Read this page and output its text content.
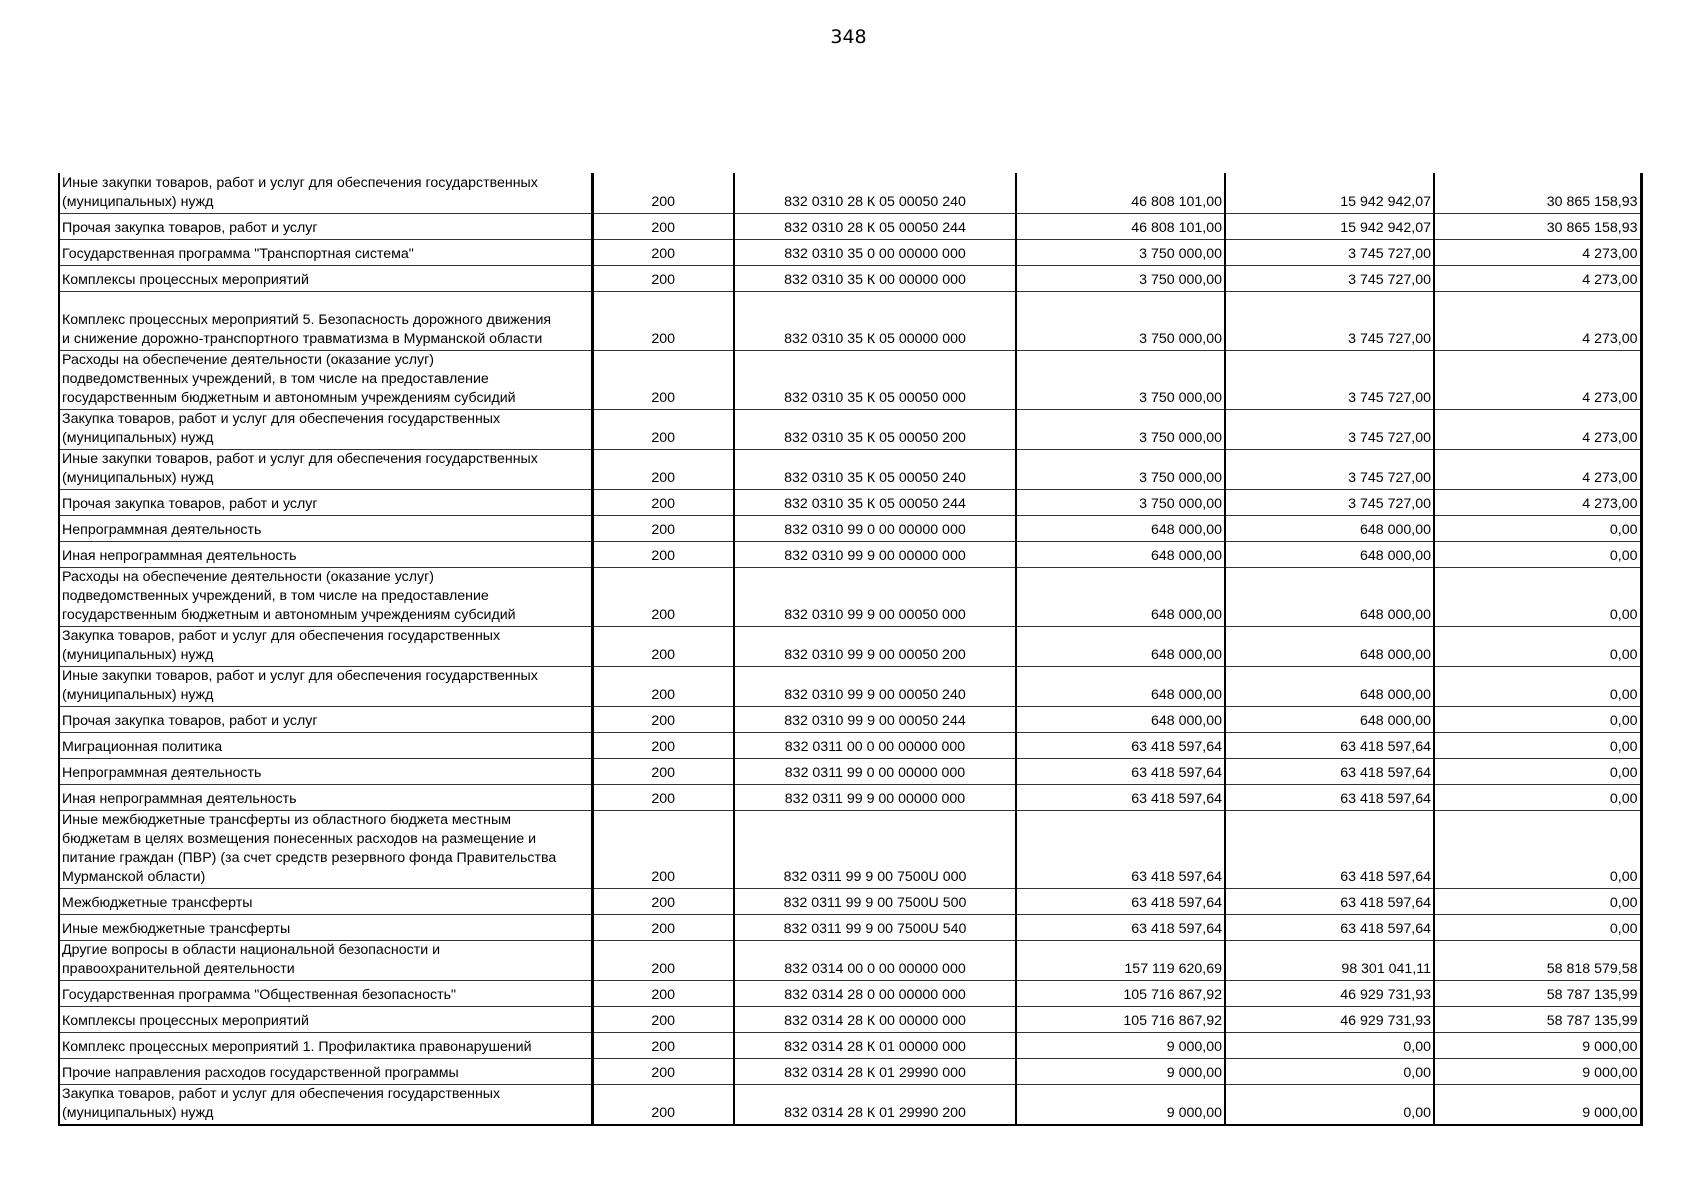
348
Иные закупки товаров, работ и услуг для обеспечения государственных
(муниципальных) нужд	200	832 0310 28 К 05 00050 240	46 808 101,00	15 942 942,07	30 865 158,93
Прочая закупка товаров, работ и услуг	200	832 0310 28 К 05 00050 244	46 808 101,00	15 942 942,07	30 865 158,93
Государственная программа "Транспортная система"	200	832 0310 35 0 00 00000 000	3 750 000,00	3 745 727,00	4 273,00
Комплексы процессных мероприятий	200	832 0310 35 К 00 00000 000	3 750 000,00	3 745 727,00	4 273,00

Комплекс процессных мероприятий 5. Безопасность дорожного движения
и снижение дорожно-транспортного травматизма в Мурманской области	200	832 0310 35 К 05 00000 000	3 750 000,00	3 745 727,00	4 273,00
Расходы на обеспечение деятельности (оказание услуг)
подведомственных учреждений, в том числе на предоставление
государственным бюджетным и автономным учреждениям субсидий	200	832 0310 35 К 05 00050 000	3 750 000,00	3 745 727,00	4 273,00
Закупка товаров, работ и услуг для обеспечения государственных
(муниципальных) нужд	200	832 0310 35 К 05 00050 200	3 750 000,00	3 745 727,00	4 273,00
Иные закупки товаров, работ и услуг для обеспечения государственных
(муниципальных) нужд	200	832 0310 35 К 05 00050 240	3 750 000,00	3 745 727,00	4 273,00
Прочая закупка товаров, работ и услуг	200	832 0310 35 К 05 00050 244	3 750 000,00	3 745 727,00	4 273,00
Непрограммная деятельность	200	832 0310 99 0 00 00000 000	648 000,00	648 000,00	0,00
Иная непрограммная деятельность	200	832 0310 99 9 00 00000 000	648 000,00	648 000,00	0,00
Расходы на обеспечение деятельности (оказание услуг)
подведомственных учреждений, в том числе на предоставление
государственным бюджетным и автономным учреждениям субсидий	200	832 0310 99 9 00 00050 000	648 000,00	648 000,00	0,00
Закупка товаров, работ и услуг для обеспечения государственных
(муниципальных) нужд	200	832 0310 99 9 00 00050 200	648 000,00	648 000,00	0,00
Иные закупки товаров, работ и услуг для обеспечения государственных
(муниципальных) нужд	200	832 0310 99 9 00 00050 240	648 000,00	648 000,00	0,00
Прочая закупка товаров, работ и услуг	200	832 0310 99 9 00 00050 244	648 000,00	648 000,00	0,00
Миграционная политика	200	832 0311 00 0 00 00000 000	63 418 597,64	63 418 597,64	0,00
Непрограммная деятельность	200	832 0311 99 0 00 00000 000	63 418 597,64	63 418 597,64	0,00
Иная непрограммная деятельность	200	832 0311 99 9 00 00000 000	63 418 597,64	63 418 597,64	0,00
Иные межбюджетные трансферты из областного бюджета местным
бюджетам в целях возмещения понесенных расходов на размещение и
питание граждан (ПВР) (за счет средств резервного фонда Правительства
Мурманской области)	200	832 0311 99 9 00 7500U 000	63 418 597,64	63 418 597,64	0,00
Межбюджетные трансферты	200	832 0311 99 9 00 7500U 500	63 418 597,64	63 418 597,64	0,00
Иные межбюджетные трансферты	200	832 0311 99 9 00 7500U 540	63 418 597,64	63 418 597,64	0,00
Другие вопросы в области национальной безопасности и
правоохранительной деятельности	200	832 0314 00 0 00 00000 000	157 119 620,69	98 301 041,11	58 818 579,58
Государственная программа "Общественная безопасность"	200	832 0314 28 0 00 00000 000	105 716 867,92	46 929 731,93	58 787 135,99
Комплексы процессных мероприятий	200	832 0314 28 К 00 00000 000	105 716 867,92	46 929 731,93	58 787 135,99
Комплекс процессных мероприятий 1. Профилактика правонарушений	200	832 0314 28 К 01 00000 000	9 000,00	0,00	9 000,00
Прочие направления расходов государственной программы	200	832 0314 28 К 01 29990 000	9 000,00	0,00	9 000,00
Закупка товаров, работ и услуг для обеспечения государственных
(муниципальных) нужд	200	832 0314 28 К 01 29990 200	9 000,00	0,00	9 000,00
